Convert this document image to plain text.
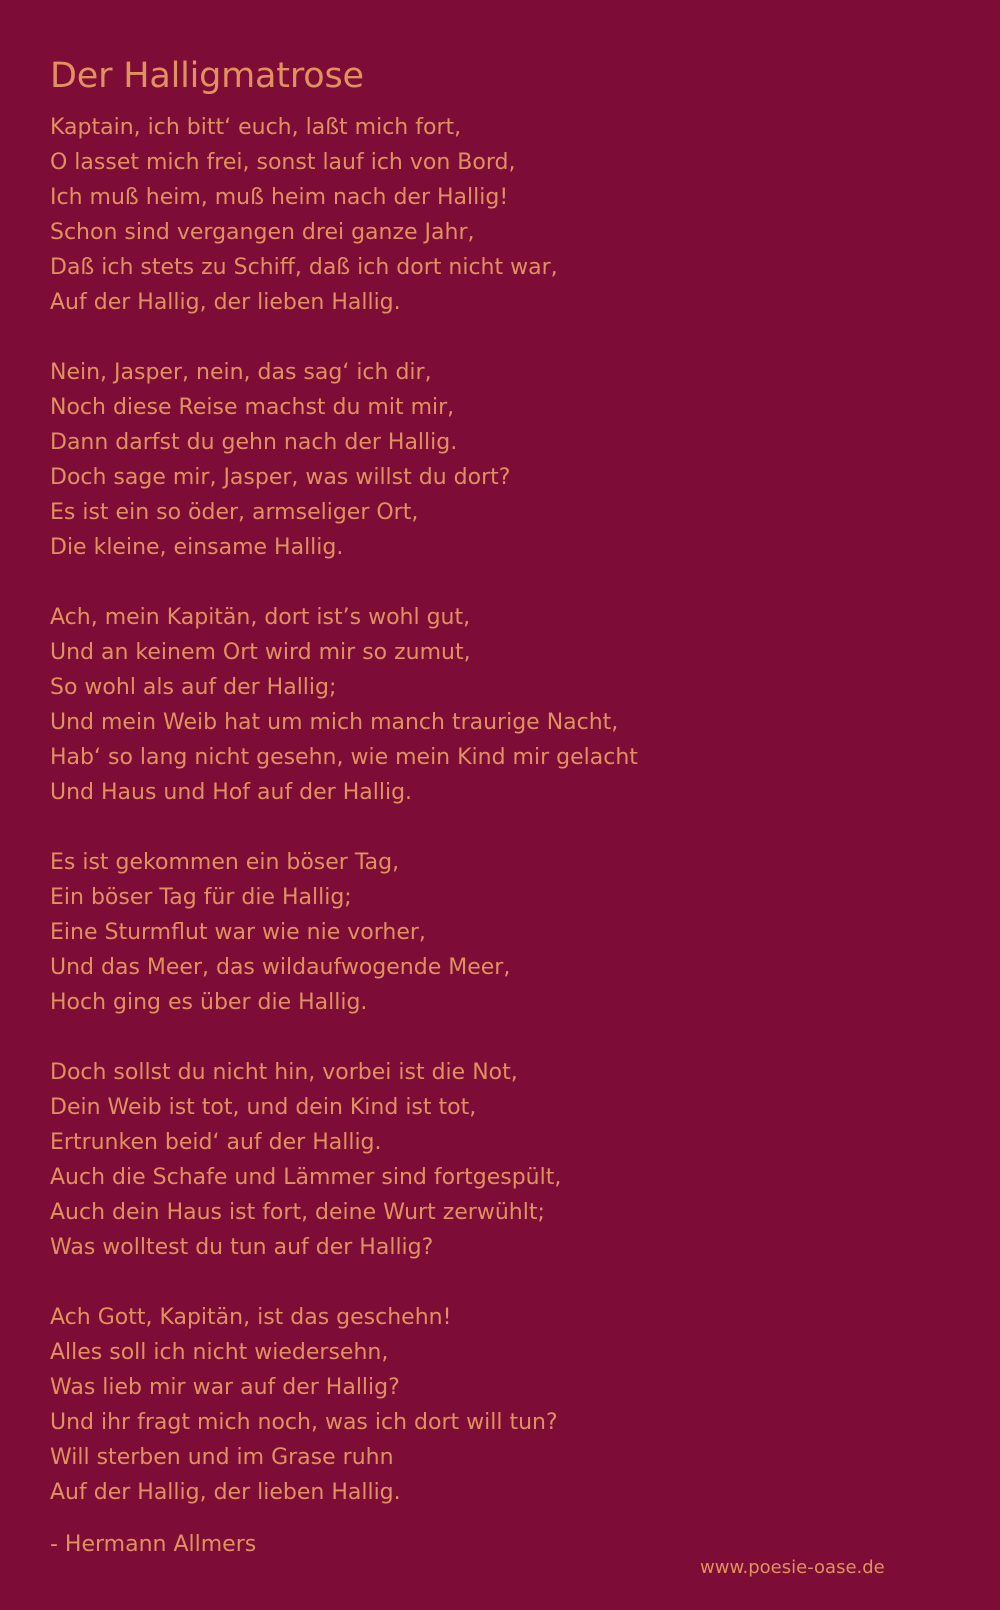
Der Halligmatrose
Kaptain, ich bitt‘ euch, laßt mich fort,
O lasset mich frei, sonst lauf ich von Bord,
Ich muß heim, muß heim nach der Hallig!
Schon sind vergangen drei ganze Jahr,
Daß ich stets zu Schiff, daß ich dort nicht war,
Auf der Hallig, der lieben Hallig.
Nein, Jasper, nein, das sag‘ ich dir,
Noch diese Reise machst du mit mir,
Dann darfst du gehn nach der Hallig.
Doch sage mir, Jasper, was willst du dort?
Es ist ein so öder, armseliger Ort,
Die kleine, einsame Hallig.
Ach, mein Kapitän, dort ist’s wohl gut,
Und an keinem Ort wird mir so zumut,
So wohl als auf der Hallig;
Und mein Weib hat um mich manch traurige Nacht,
Hab‘ so lang nicht gesehn, wie mein Kind mir gelacht
Und Haus und Hof auf der Hallig.
Es ist gekommen ein böser Tag,
Ein böser Tag für die Hallig;
Eine Sturmflut war wie nie vorher,
Und das Meer, das wildaufwogende Meer,
Hoch ging es über die Hallig.
Doch sollst du nicht hin, vorbei ist die Not,
Dein Weib ist tot, und dein Kind ist tot,
Ertrunken beid‘ auf der Hallig.
Auch die Schafe und Lämmer sind fortgespült,
Auch dein Haus ist fort, deine Wurt zerwühlt;
Was wolltest du tun auf der Hallig?
Ach Gott, Kapitän, ist das geschehn!
Alles soll ich nicht wiedersehn,
Was lieb mir war auf der Hallig?
Und ihr fragt mich noch, was ich dort will tun?
Will sterben und im Grase ruhn
Auf der Hallig, der lieben Hallig.
- Hermann Allmers
www.poesie-oase.de
